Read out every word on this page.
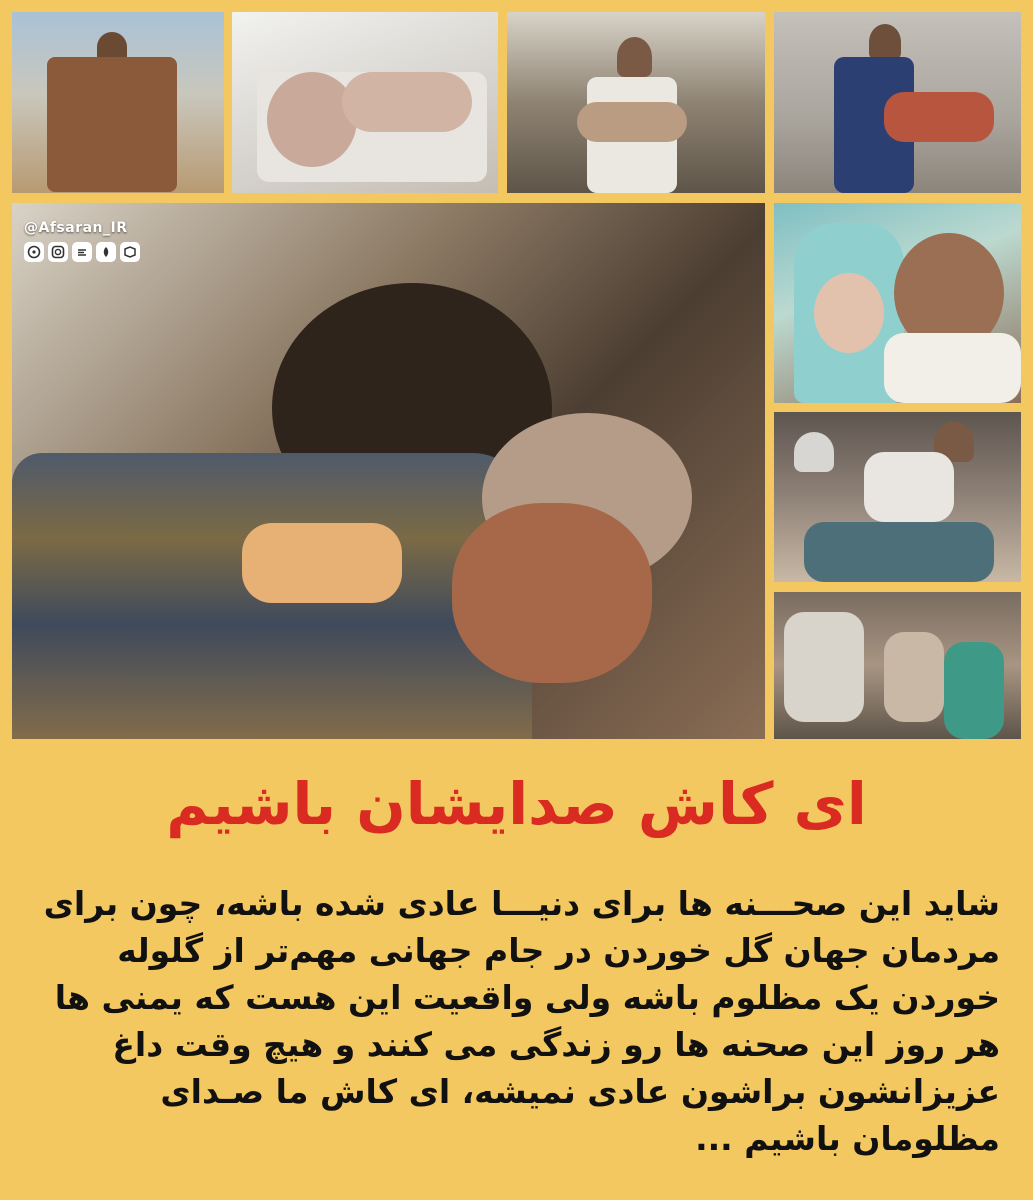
@Afsaran_IR
ای کاش صدایشان باشیم
شاید این صحـــنه ها برای دنیـــا عادی شده باشه، چون برای مردمان جهان گل خوردن در جام جهانی مهم‌تر از گلوله خوردن یک مظلوم باشه ولی واقعیت این هست که یمنی ها هر روز این صحنه ها رو زندگی می کنند و هیچ وقت داغ عزیزانشون براشون عادی نمیشه، ای کاش ما صـدای مظلومان باشیم ...
